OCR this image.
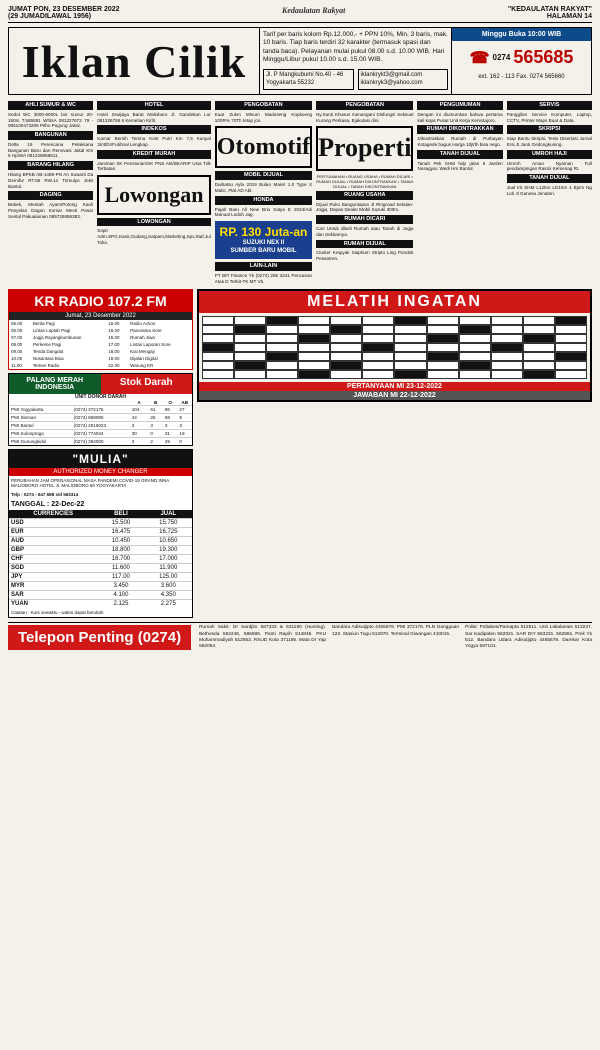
JUMAT PON, 23 DESEMBER 2022
(29 JUMADILAWAL 1956)
Kedaulatan Rakyat	"KEDAULATAN RAKYAT"
HALAMAN 14
Iklan Cilik
Tarif per baris kolom Rp.12.000,- + PPN 10%, Min. 3 baris, mak. 10 baris. Tiap baris terdiri 32 karakter (termasuk spasi dan tanda baca). Pelayanan mulai pukul 08.00 s.d. 10.00 WIB. Hari Minggu/Libur pukul 10.00 s.d. 15.00 WIB.
Jl. P Mangkubumi No.40 - 46 Yogyakarta 55232
iklankrykt3@gmail.com iklankryk3@yahoo.com
Minggu Buka 10:00 WIB
☎ 0274 565685
ext. 162 - 113 Fax. 0274 565660
AHLI SUMUR & WC

Sedot WC 3000-6000L bor sumur 20-150m T.565591 WhtsA 081227672 79 - 085100473205 Pitho Pogung Jakal.

BANGUNAN

Delta 19 Perencana Pelaksana Bangunan Baru dan Renovasi Jakal Km 6 Hp/WA 081226858611.

BARANG HILANG

Hilang BPKB AB-1489-PN An Suwarti Da Demifur RT.05 RW.14 Trimulyo Jetis Bantul.

DAGING

Bebek, Mentah Ayam/Potong Kaol/ Penyelan Dagan Komar Menit Pasar Sentul Pakualaman 085726856383.

HOTEL

Hotel Srwijaya Barat Malioboro Jl. Gandekan Lor 081326766 6 Kemetian Kirlit.

INDEKOS

Kamar Bersih Terima Kost Putri Km 7,5 Kunyal 3mt/Dr/Futihnal Lengkap.

KREDIT MURAH

Jaminan SK Pensiunan/SK PNS Akt/BKARIP Usia Tdk Terbatas.

Lowongan
LOWONGAN

Sopir Adm.SPG,Kasir,Gudang,Satpam,Marketing,Spv,Staf,Jul Toko.

PENGOBATAN

Kaat Zukm Minum Maduseng Kopkoeng 100R% 70Th tetap jos.

Otomotif
MOBIL DIJUAL

Daihatsu Ayla 2019 Bulan Maret 1.0 Type X Matic, Plat AD Abl.

HONDA

Pajak Baru All New Brio Satya E 2024/Adi Manual Lodoh Jag.

RP. 130 Juta-an
SUZUKI NEX II
SUMBER BARU MOBIL
LAIN-LAIN

PT BFI Finance Yk (0274) 285 3241 Pencairan Atas D Terbit-TK MT Vb.

PENGOBATAN

Ny.Sunti Khusus menangani Disfungsi Seksual Kurang Perkasa, Ejakulasi dini.

Properti

PERTUMAHAN • RUANG USAHA • RUMAH DICARI • RUMAH DIJUAL • RUMAH DIKONTRAKKAN • TANAH DIJUAL • TANAH DIKONTRAKKAN

RUANG USAHA

Dijual Ruko Banguntapan Jl Ringroad Selatan-Jogja, Depan Dealer Mobil Suzuki 300m.

RUMAH DICARI

Cari Untuk dibeli Rumah atau Tanah di Jogja dan Sekitarnya.

RUMAH DIJUAL

Cluster Krapyak Siaphum Stripto Ling Pondok Pesantren.

PENGUMUMAN

Dengan ini diumumkan bahwa pertama kali kopa Pusat Unit Kerja Kenintajoro.

RUMAH DIKONTRAKKAN

Dikontrakkan Rumah di Purbayan Kotagede bagus Harga 10jt/th bisa nego.

TANAH DIJUAL

Tanah Pek SHM hdp jalan 6 Jarden Nusagyar, Wedi Hm Bantul.

SERVIS

Panggilan Service Komputer, Laptop, CCTV, Printer Maps Buat & Data.

SKRIPSI

Siap Bantu Skripsi, Tesis Disertasi Jurnal Ersi Jl.Janti Gedongkuning.

UMROH HAJI

Umroh Aman Nyaman Full pendampingan Rasmi Kemenag RI.

TANAH DIJUAL

Jual Irit SHM L125m LD10m 4 Bjnm Ng Lok Jl Ganesa Jenateri.

KR RADIO 107.2 FM
Jumat, 23 Desember 2022
05.00	Berita Pagi	16.00	Radio Action
06.00	Lintas Laptah Pagi	16.00	Panorama Sore
07.00	Jogja Rayangkumbunan	16.00	Rumah Jiwa
08.00	Perkeme Pagi	17.00	Lintas Laporan Sore
09.00	Tenda Dangdut	18.00	Kiai Mengaji
10.00	Nusantara Bisa	19.00	Dijalan Digital
11.00	Temen Radio	22.00	Warung KR
PALANG MERAH INDONESIA	Stok Darah
UNIT DONOR DARAH
		A	B	O	AB
PMI Yogyakarta	(0274) 372176	104	61	86	27
PMI Sleman	(0274) 869090	44	25	68	9
PMI Bantul	(0274) 2816023	3	3	3	3
PMI Kulonprogo	(0274) 774044	30	0	31	19
PMI Gunungkidul	(0274) 394000	3	2	29	0
"MULIA"
AUTHORIZED MONEY CHANGER
PERUBAHAN JAM OPERASIONAL MASA PANDEMI COVID-19 GRAND INNA MALIOBORO HOTEL Jl. MALIOBORO 60 YOGYAKARTA
Telp : 0274 - 547 688 s/d 563314
TANGGAL : 22-Dec-22
CURRENCIES	BELI	JUAL
USD	15.500	15.750
EUR	16.475	16.725
AUD	10.450	10.650
GBP	18.800	19.300
CHF	16.700	17.000
SGD	11.600	11.900
JPY	117.00	125.00
MYR	3.450	3.600
SAR	4.100	4.350
YUAN	2.125	2.275
Catatan : Kurs sewaktu - waktu dapat berubah
MELATIH INGATAN
PERTANYAAN MI 23-12-2022
JAWABAN MI 22-12-2022
Telepon Penting (0274)

Rumah Sakit: Dr Sardjito 587333 & 631190 (Hunting). Bethesda 562246, 586688. Panti Rapih 514845. PKU Muhammadiyah 512653. RSUD Kota 371195. Mata Dr Yap 562054.

Bandara Adisutjipto 4465678. PMI 372176. PLN Gangguan 123. Stasiun Tugu 512870. Terminal Giwangan 410015.

Polisi: Poltabes/Pamapta 512511. Unit Lakalantas 513237. Sar Kadipaten 562021. SAR DIY 563231. 562881. Pmk Yk 512. Bandara Udara Adisutjipto 4465678. Damkar Kota Yogya 587101.
